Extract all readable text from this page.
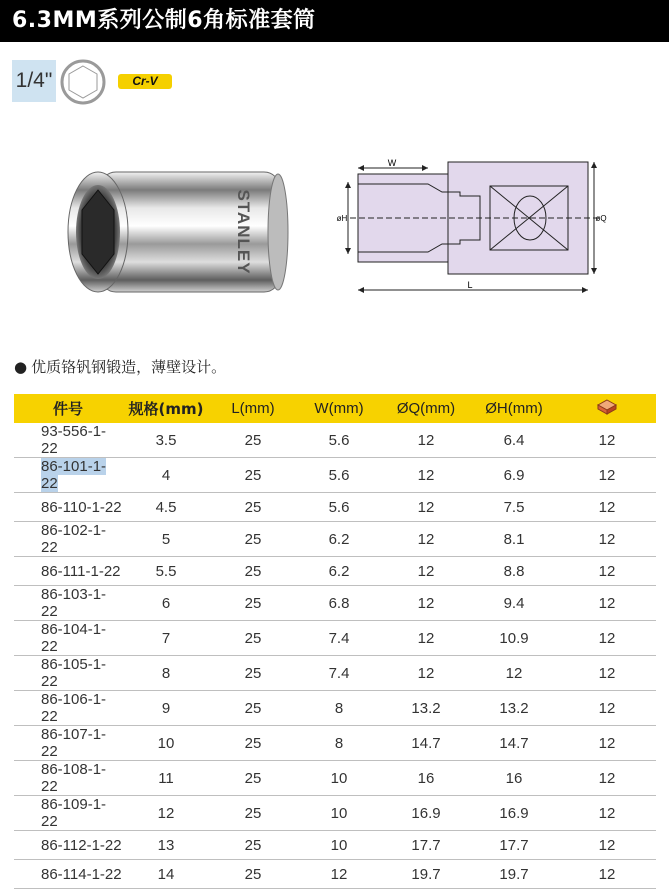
6.3MM系列公制6角标准套筒
1/4"	Cr-V
STANLEY
W
øH	øQ
L
● 优质铬钒钢锻造，薄壁设计。
件号	规格(mm)	L(mm)	W(mm)	ØQ(mm)	ØH(mm)	
93-556-1-22	3.5	25	5.6	12	6.4	12
86-101-1-22	4	25	5.6	12	6.9	12
86-110-1-22	4.5	25	5.6	12	7.5	12
86-102-1-22	5	25	6.2	12	8.1	12
86-111-1-22	5.5	25	6.2	12	8.8	12
86-103-1-22	6	25	6.8	12	9.4	12
86-104-1-22	7	25	7.4	12	10.9	12
86-105-1-22	8	25	7.4	12	12	12
86-106-1-22	9	25	8	13.2	13.2	12
86-107-1-22	10	25	8	14.7	14.7	12
86-108-1-22	11	25	10	16	16	12
86-109-1-22	12	25	10	16.9	16.9	12
86-112-1-22	13	25	10	17.7	17.7	12
86-114-1-22	14	25	12	19.7	19.7	12
